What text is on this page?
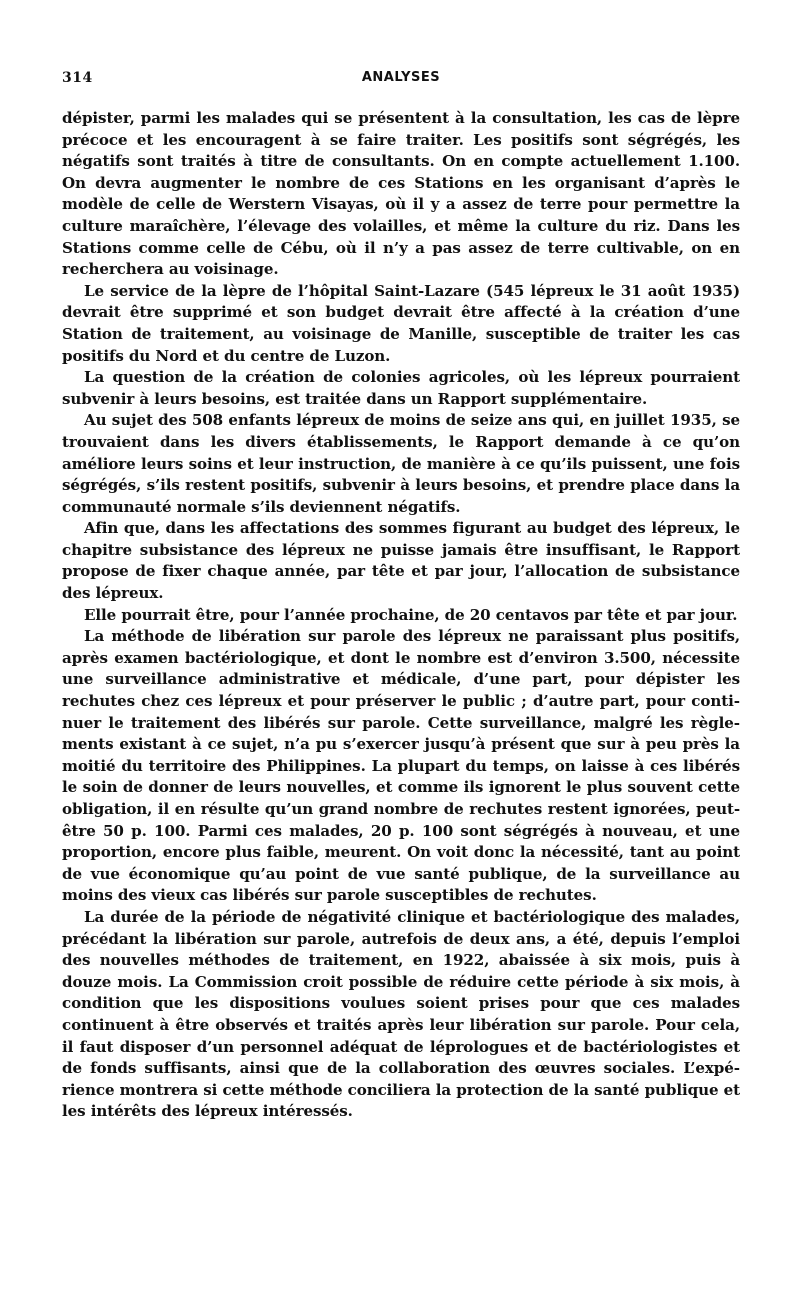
314	ANALYSES

dépister, parmi les malades qui se présentent à la consultation, les cas de lèpre précoce et les encouragent à se faire traiter. Les positifs sont ségrégés, les négatifs sont traités à titre de consultants. On en compte actuellement 1.100. On devra augmenter le nombre de ces Stations en les organisant d’après le modèle de celle de Werstern Visayas, où il y a assez de terre pour permettre la culture maraîchère, l’élevage des volailles, et même la culture du riz. Dans les Stations comme celle de Cébu, où il n’y a pas assez de terre cultivable, on en recherchera au voisinage.

Le service de la lèpre de l’hôpital Saint-Lazare (545 lépreux le 31 août 1935) devrait être supprimé et son budget devrait être affecté à la création d’une Station de traitement, au voisinage de Manille, susceptible de traiter les cas positifs du Nord et du centre de Luzon.

La question de la création de colonies agricoles, où les lépreux pourraient subvenir à leurs besoins, est traitée dans un Rapport supplémentaire.

Au sujet des 508 enfants lépreux de moins de seize ans qui, en juillet 1935, se trouvaient dans les divers établissements, le Rapport demande à ce qu’on améliore leurs soins et leur instruction, de manière à ce qu’ils puissent, une fois ségrégés, s’ils restent positifs, subvenir à leurs besoins, et prendre place dans la communauté normale s’ils deviennent négatifs.

Afin que, dans les affectations des sommes figurant au budget des lépreux, le chapitre subsistance des lépreux ne puisse jamais être insuffisant, le Rapport propose de fixer chaque année, par tête et par jour, l’allocation de subsistance des lépreux.

Elle pourrait être, pour l’année prochaine, de 20 centavos par tête et par jour.

La méthode de libération sur parole des lépreux ne paraissant plus positifs, après examen bactériologique, et dont le nombre est d’environ 3.500, nécessite une surveillance administrative et médicale, d’une part, pour dépister les rechutes chez ces lépreux et pour préserver le public ; d’autre part, pour continuer le traitement des libérés sur parole. Cette surveillance, malgré les règlements existant à ce sujet, n’a pu s’exercer jusqu’à présent que sur à peu près la moitié du territoire des Philippines. La plupart du temps, on laisse à ces libérés le soin de donner de leurs nouvelles, et comme ils ignorent le plus souvent cette obligation, il en résulte qu’un grand nombre de rechutes restent ignorées, peut-être 50 p. 100. Parmi ces malades, 20 p. 100 sont ségrégés à nouveau, et une proportion, encore plus faible, meurent. On voit donc la nécessité, tant au point de vue économique qu’au point de vue santé publique, de la surveillance au moins des vieux cas libérés sur parole susceptibles de rechutes.

La durée de la période de négativité clinique et bactériologique des malades, précédant la libération sur parole, autrefois de deux ans, a été, depuis l’emploi des nouvelles méthodes de traitement, en 1922, abaissée à six mois, puis à douze mois. La Commission croit possible de réduire cette période à six mois, à condition que les dispositions voulues soient prises pour que ces malades continuent à être observés et traités après leur libération sur parole. Pour cela, il faut disposer d’un personnel adéquat de léprologues et de bactériologistes et de fonds suffisants, ainsi que de la collaboration des œuvres sociales. L’expérience montrera si cette méthode conciliera la protection de la santé publique et les intérêts des lépreux intéressés.
